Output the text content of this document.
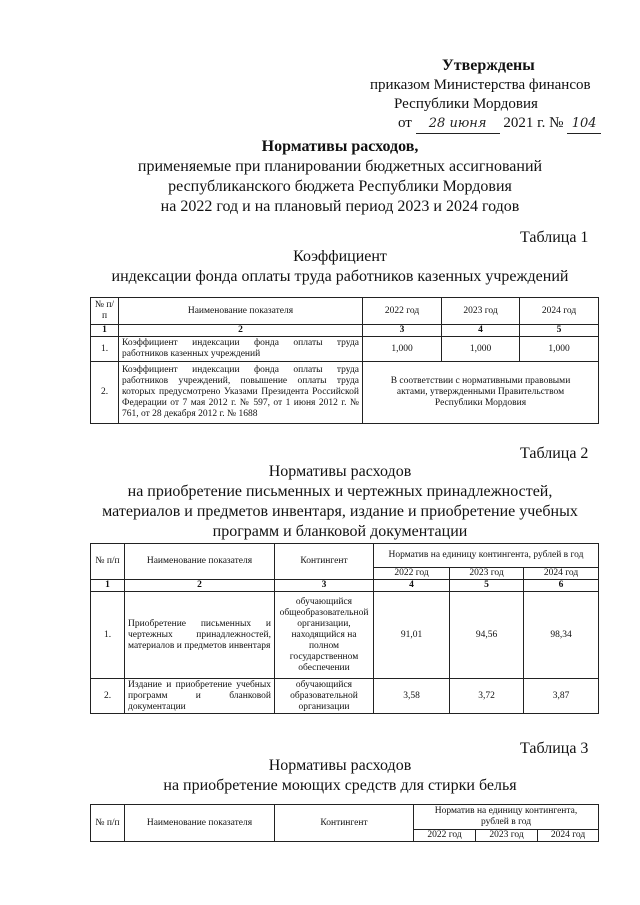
Утверждены
приказом Министерства финансов
Республики Мордовия
от 28 июня 2021 г. № 104
Нормативы расходов,
применяемые при планировании бюджетных ассигнований
республиканского бюджета Республики Мордовия
на 2022 год и на плановый период 2023 и 2024 годов
Таблица 1
Коэффициент
индексации фонда оплаты труда работников казенных учреждений
№ п/п	Наименование показателя	2022 год	2023 год	2024 год
1	2	3	4	5
1.	Коэффициент индексации фонда оплаты труда работников казенных учреждений	1,000	1,000	1,000
2.	Коэффициент индексации фонда оплаты труда работников учреждений, повышение оплаты труда которых предусмотрено Указами Президента Российской Федерации от 7 мая 2012 г. № 597, от 1 июня 2012 г. № 761, от 28 декабря 2012 г. № 1688	В соответствии с нормативными правовыми актами, утвержденными Правительством Республики Мордовия		
Таблица 2
Нормативы расходов
на приобретение письменных и чертежных принадлежностей,
материалов и предметов инвентаря, издание и приобретение учебных
программ и бланковой документации
№ п/п	Наименование показателя	Контингент	Норматив на единицу контингента, рублей в год		
			2022 год	2023 год	2024 год
1	2	3	4	5	6
1.	Приобретение письменных и чертежных принадлежностей, материалов и предметов инвентаря	обучающийся общеобразовательной организации, находящийся на полном государственном обеспечении	91,01	94,56	98,34
2.	Издание и приобретение учебных программ и бланковой документации	обучающийся образовательной организации	3,58	3,72	3,87
Таблица 3
Нормативы расходов
на приобретение моющих средств для стирки белья
№ п/п	Наименование показателя	Контингент	Норматив на единицу контингента, рублей в год		
			2022 год	2023 год	2024 год
